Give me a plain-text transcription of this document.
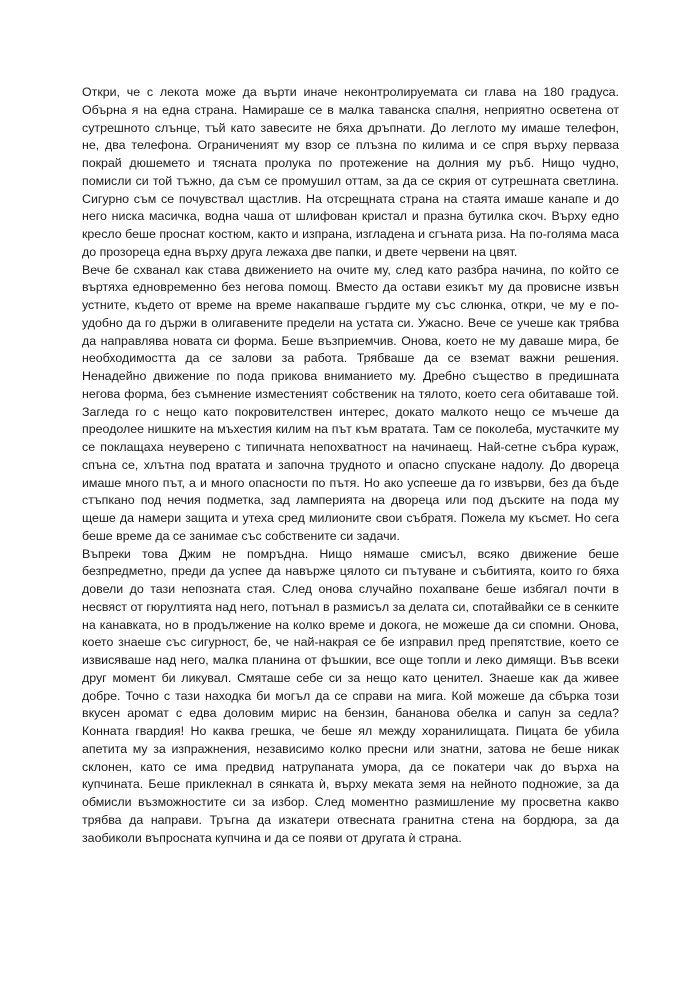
Откри, че с лекота може да върти иначе неконтролируемата си глава на 180 градуса. Обърна я на една страна. Намираше се в малка таванска спалня, неприятно осветена от сутрешното слънце, тъй като завесите не бяха дръпнати. До леглото му имаше телефон, не, два телефона. Ограниченият му взор се плъзна по килима и се спря върху перваза покрай дюшемето и тясната пролука по протежение на долния му ръб. Нищо чудно, помисли си той тъжно, да съм се промушил оттам, за да се скрия от сутрешната светлина. Сигурно съм се почувствал щастлив. На отсрещната страна на стаята имаше канапе и до него ниска масичка, водна чаша от шлифован кристал и празна бутилка скоч. Върху едно кресло беше проснат костюм, както и изпрана, изгладена и сгъната риза. На по-голяма маса до прозореца една върху друга лежаха две папки, и двете червени на цвят.

Вече бе схванал как става движението на очите му, след като разбра начина, по който се въртяха едновременно без негова помощ. Вместо да остави езикът му да провисне извън устните, където от време на време накапваше гърдите му със слюнка, откри, че му е по-удобно да го държи в олигавените предели на устата си. Ужасно. Вече се учеше как трябва да направлява новата си форма. Беше възприемчив. Онова, което не му даваше мира, бе необходимостта да се залови за работа. Трябваше да се вземат важни решения. Ненадейно движение по пода прикова вниманието му. Дребно същество в предишната негова форма, без съмнение изместеният собственик на тялото, което сега обитаваше той. Загледа го с нещо като покровителствен интерес, докато малкото нещо се мъчеше да преодолее нишките на мъхестия килим на път към вратата. Там се поколеба, мустачките му се поклащаха неуверено с типичната непохватност на начинаещ. Най-сетне събра кураж, спъна се, хлътна под вратата и започна трудното и опасно спускане надолу. До двореца имаше много път, а и много опасности по пътя. Но ако успееше да го извърви, без да бъде стъпкано под нечия подметка, зад ламперията на двореца или под дъските на пода му щеше да намери защита и утеха сред милионите свои събратя. Пожела му късмет. Но сега беше време да се занимае със собствените си задачи.

Въпреки това Джим не помръдна. Нищо нямаше смисъл, всяко движение беше безпредметно, преди да успее да навърже цялото си пътуване и събитията, които го бяха довели до тази непозната стая. След онова случайно похапване беше избягал почти в несвяст от гюрултията над него, потънал в размисъл за делата си, спотайвайки се в сенките на канавката, но в продължение на колко време и докога, не можеше да си спомни. Онова, което знаеше със сигурност, бе, че най-накрая се бе изправил пред препятствие, което се извисяваше над него, малка планина от фъшкии, все още топли и леко димящи. Във всеки друг момент би ликувал. Смяташе себе си за нещо като ценител. Знаеше как да живее добре. Точно с тази находка би могъл да се справи на мига. Кой можеше да сбърка този вкусен аромат с едва доловим мирис на бензин, бананова обелка и сапун за седла? Конната гвардия! Но каква грешка, че беше ял между хоранилищата. Пицата бе убила апетита му за изпражнения, независимо колко пресни или знатни, затова не беше никак склонен, като се има предвид натрупаната умора, да се покатери чак до върха на купчината. Беше приклекнал в сянката ѝ, върху меката земя на нейното подножие, за да обмисли възможностите си за избор. След моментно размишление му просветна какво трябва да направи. Тръгна да изкатери отвесната гранитна стена на бордюра, за да заобиколи въпросната купчина и да се появи от другата ѝ страна.
